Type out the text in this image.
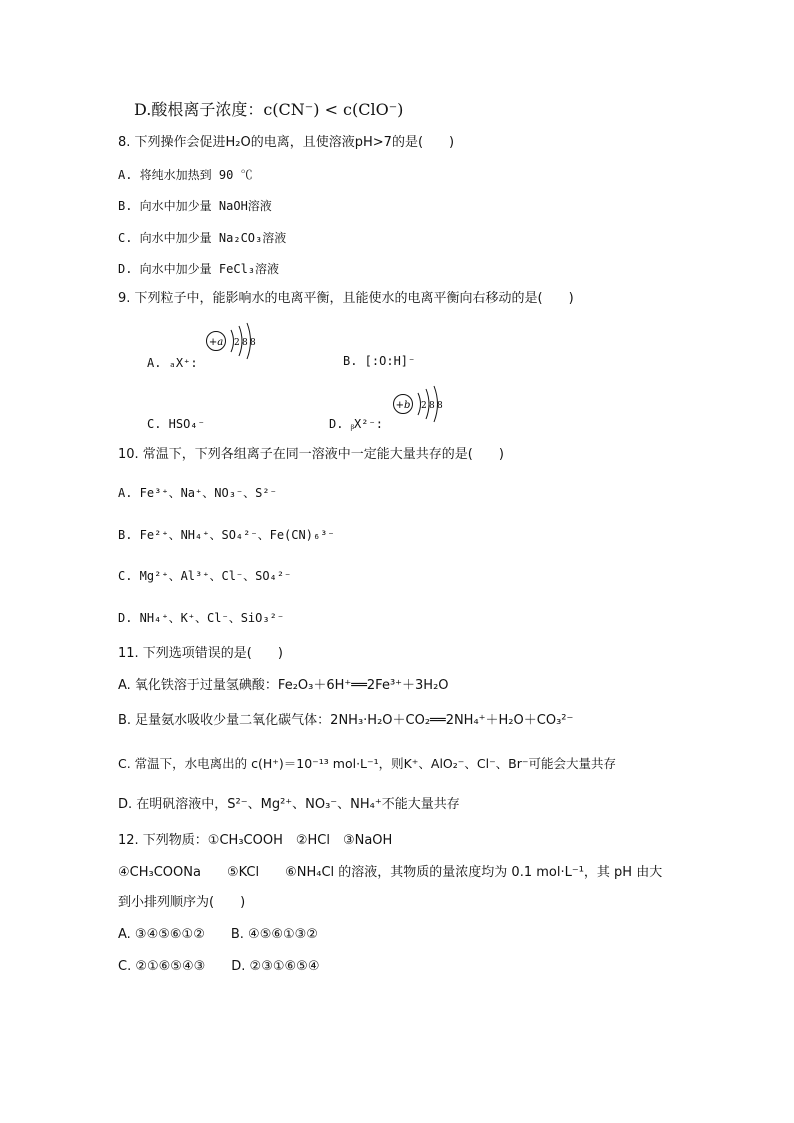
D.酸根离子浓度：c(CN⁻) < c(ClO⁻)
8. 下列操作会促进H₂O的电离，且使溶液pH>7的是(　　)
A. 将纯水加热到 90 ℃
B. 向水中加少量 NaOH溶液
C. 向水中加少量 Na₂CO₃溶液
D. 向水中加少量 FeCl₃溶液
9. 下列粒子中，能影响水的电离平衡，且能使水的电离平衡向右移动的是(　　)
A. ₐX⁺:
+a 2 8 8
B. [:O:H]⁻
C. HSO₄⁻	D. ᵦX²⁻:
+b 2 8 8
10. 常温下，下列各组离子在同一溶液中一定能大量共存的是(　　)
A. Fe³⁺、Na⁺、NO₃⁻、S²⁻
B. Fe²⁺、NH₄⁺、SO₄²⁻、Fe(CN)₆³⁻
C. Mg²⁺、Al³⁺、Cl⁻、SO₄²⁻
D. NH₄⁺、K⁺、Cl⁻、SiO₃²⁻
11. 下列选项错误的是(　　)
A. 氧化铁溶于过量氢碘酸：Fe₂O₃＋6H⁺══2Fe³⁺＋3H₂O
B. 足量氨水吸收少量二氧化碳气体：2NH₃·H₂O＋CO₂══2NH₄⁺＋H₂O＋CO₃²⁻
C. 常温下，水电离出的 c(H⁺)＝10⁻¹³ mol·L⁻¹，则K⁺、AlO₂⁻、Cl⁻、Br⁻可能会大量共存
D. 在明矾溶液中，S²⁻、Mg²⁺、NO₃⁻、NH₄⁺不能大量共存
12. 下列物质：①CH₃COOH　②HCl　③NaOH
④CH₃COONa　　⑤KCl　　⑥NH₄Cl 的溶液，其物质的量浓度均为 0.1 mol·L⁻¹，其 pH 由大
到小排列顺序为(　　)
A. ③④⑤⑥①②　　B. ④⑤⑥①③②
C. ②①⑥⑤④③　　D. ②③①⑥⑤④
